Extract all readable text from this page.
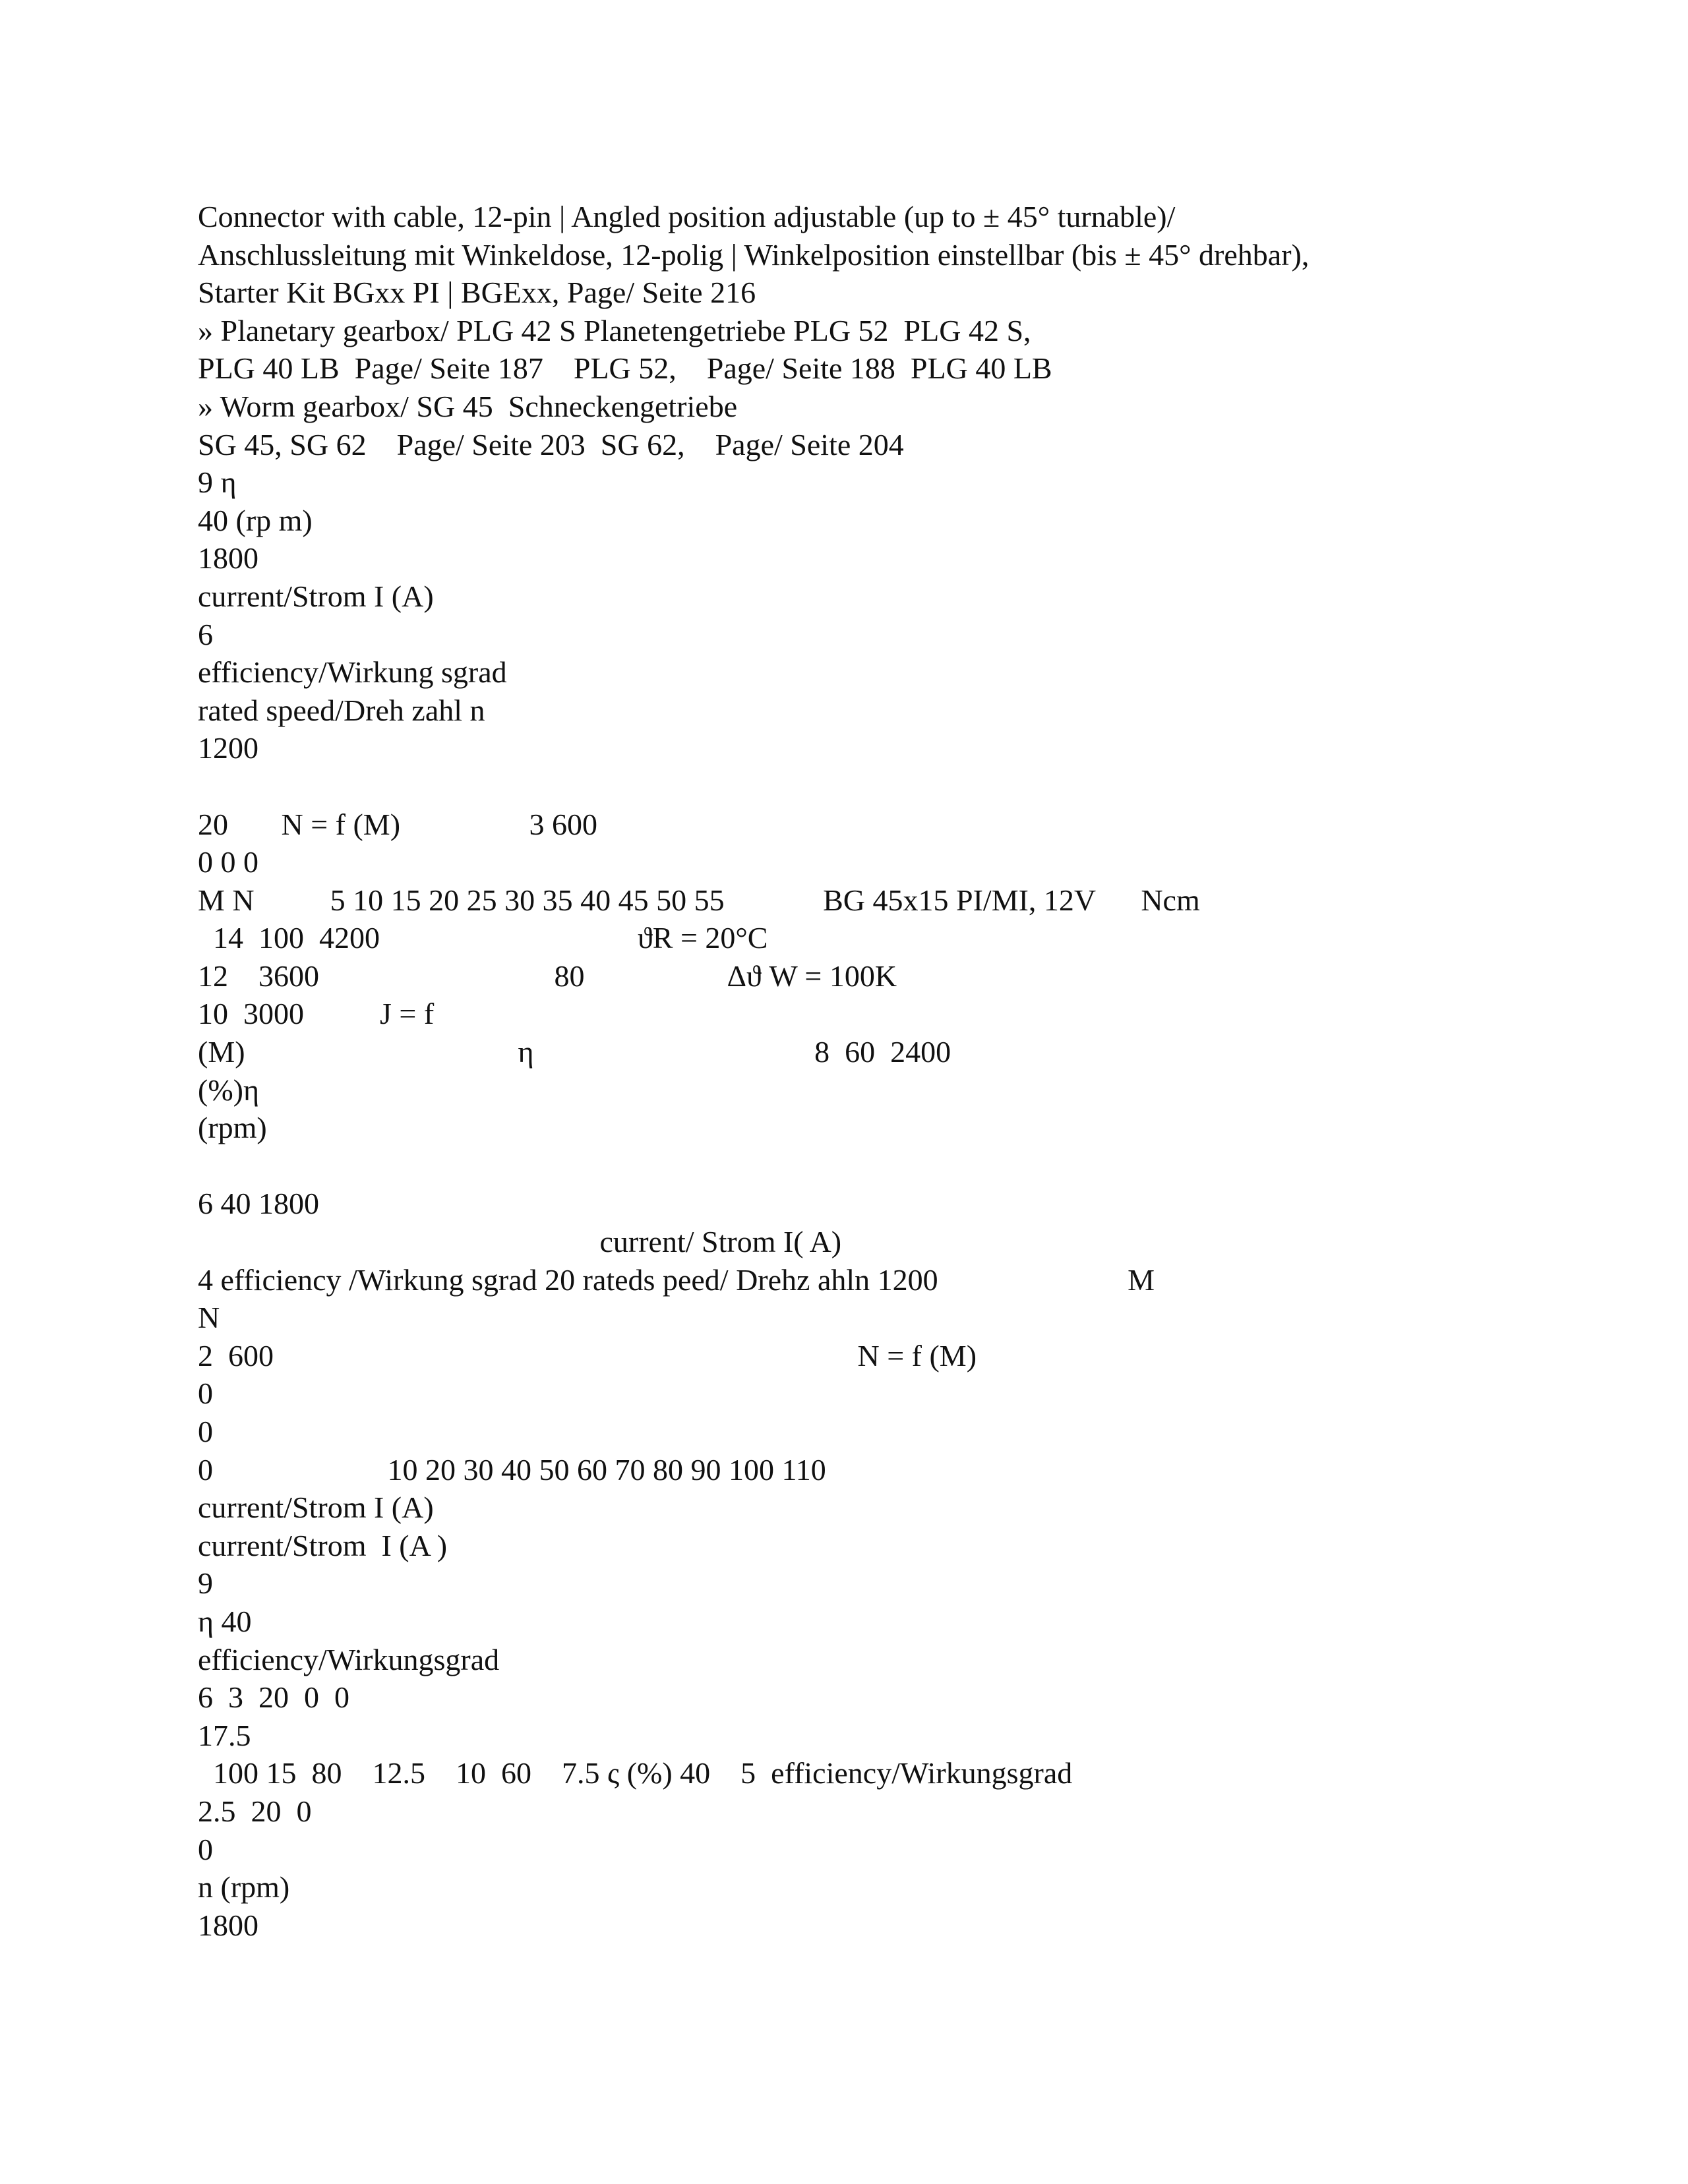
Connector with cable, 12-pin | Angled position adjustable (up to ± 45° turnable)/
Anschlussleitung mit Winkeldose, 12-polig | Winkelposition einstellbar (bis ± 45° drehbar),
Starter Kit BGxx PI | BGExx, Page/ Seite 216
» Planetary gearbox/ PLG 42 S Planetengetriebe PLG 52  PLG 42 S,
PLG 40 LB  Page/ Seite 187    PLG 52,    Page/ Seite 188  PLG 40 LB
» Worm gearbox/ SG 45  Schneckengetriebe
SG 45, SG 62    Page/ Seite 203  SG 62,    Page/ Seite 204
9 η
40 (rp m)
1800
current/Strom I (A)
6
efficiency/Wirkung sgrad
rated speed/Dreh zahl n
1200
20       N = f (M)                 3 600
0 0 0
M N          5 10 15 20 25 30 35 40 45 50 55             BG 45x15 PI/MI, 12V      Ncm
14  100  4200                                  ϑR = 20°C
12    3600                               80                   Δϑ W = 100K
10  3000          J = f
(M)                                    η                                     8  60  2400
(%)η
(rpm)
6 40 1800
current/ Strom I( A)
4 efficiency /Wirkung sgrad 20 rateds peed/ Drehz ahln 1200                         M
N
2  600                                                                             N = f (M)
0
0
0                       10 20 30 40 50 60 70 80 90 100 110
current/Strom I (A)
current/Strom  I (A )
9
η 40
efficiency/Wirkungsgrad
6  3  20  0  0
17.5
100 15  80    12.5    10  60    7.5 ς (%) 40    5  efficiency/Wirkungsgrad
2.5  20  0
0
n (rpm)
1800
